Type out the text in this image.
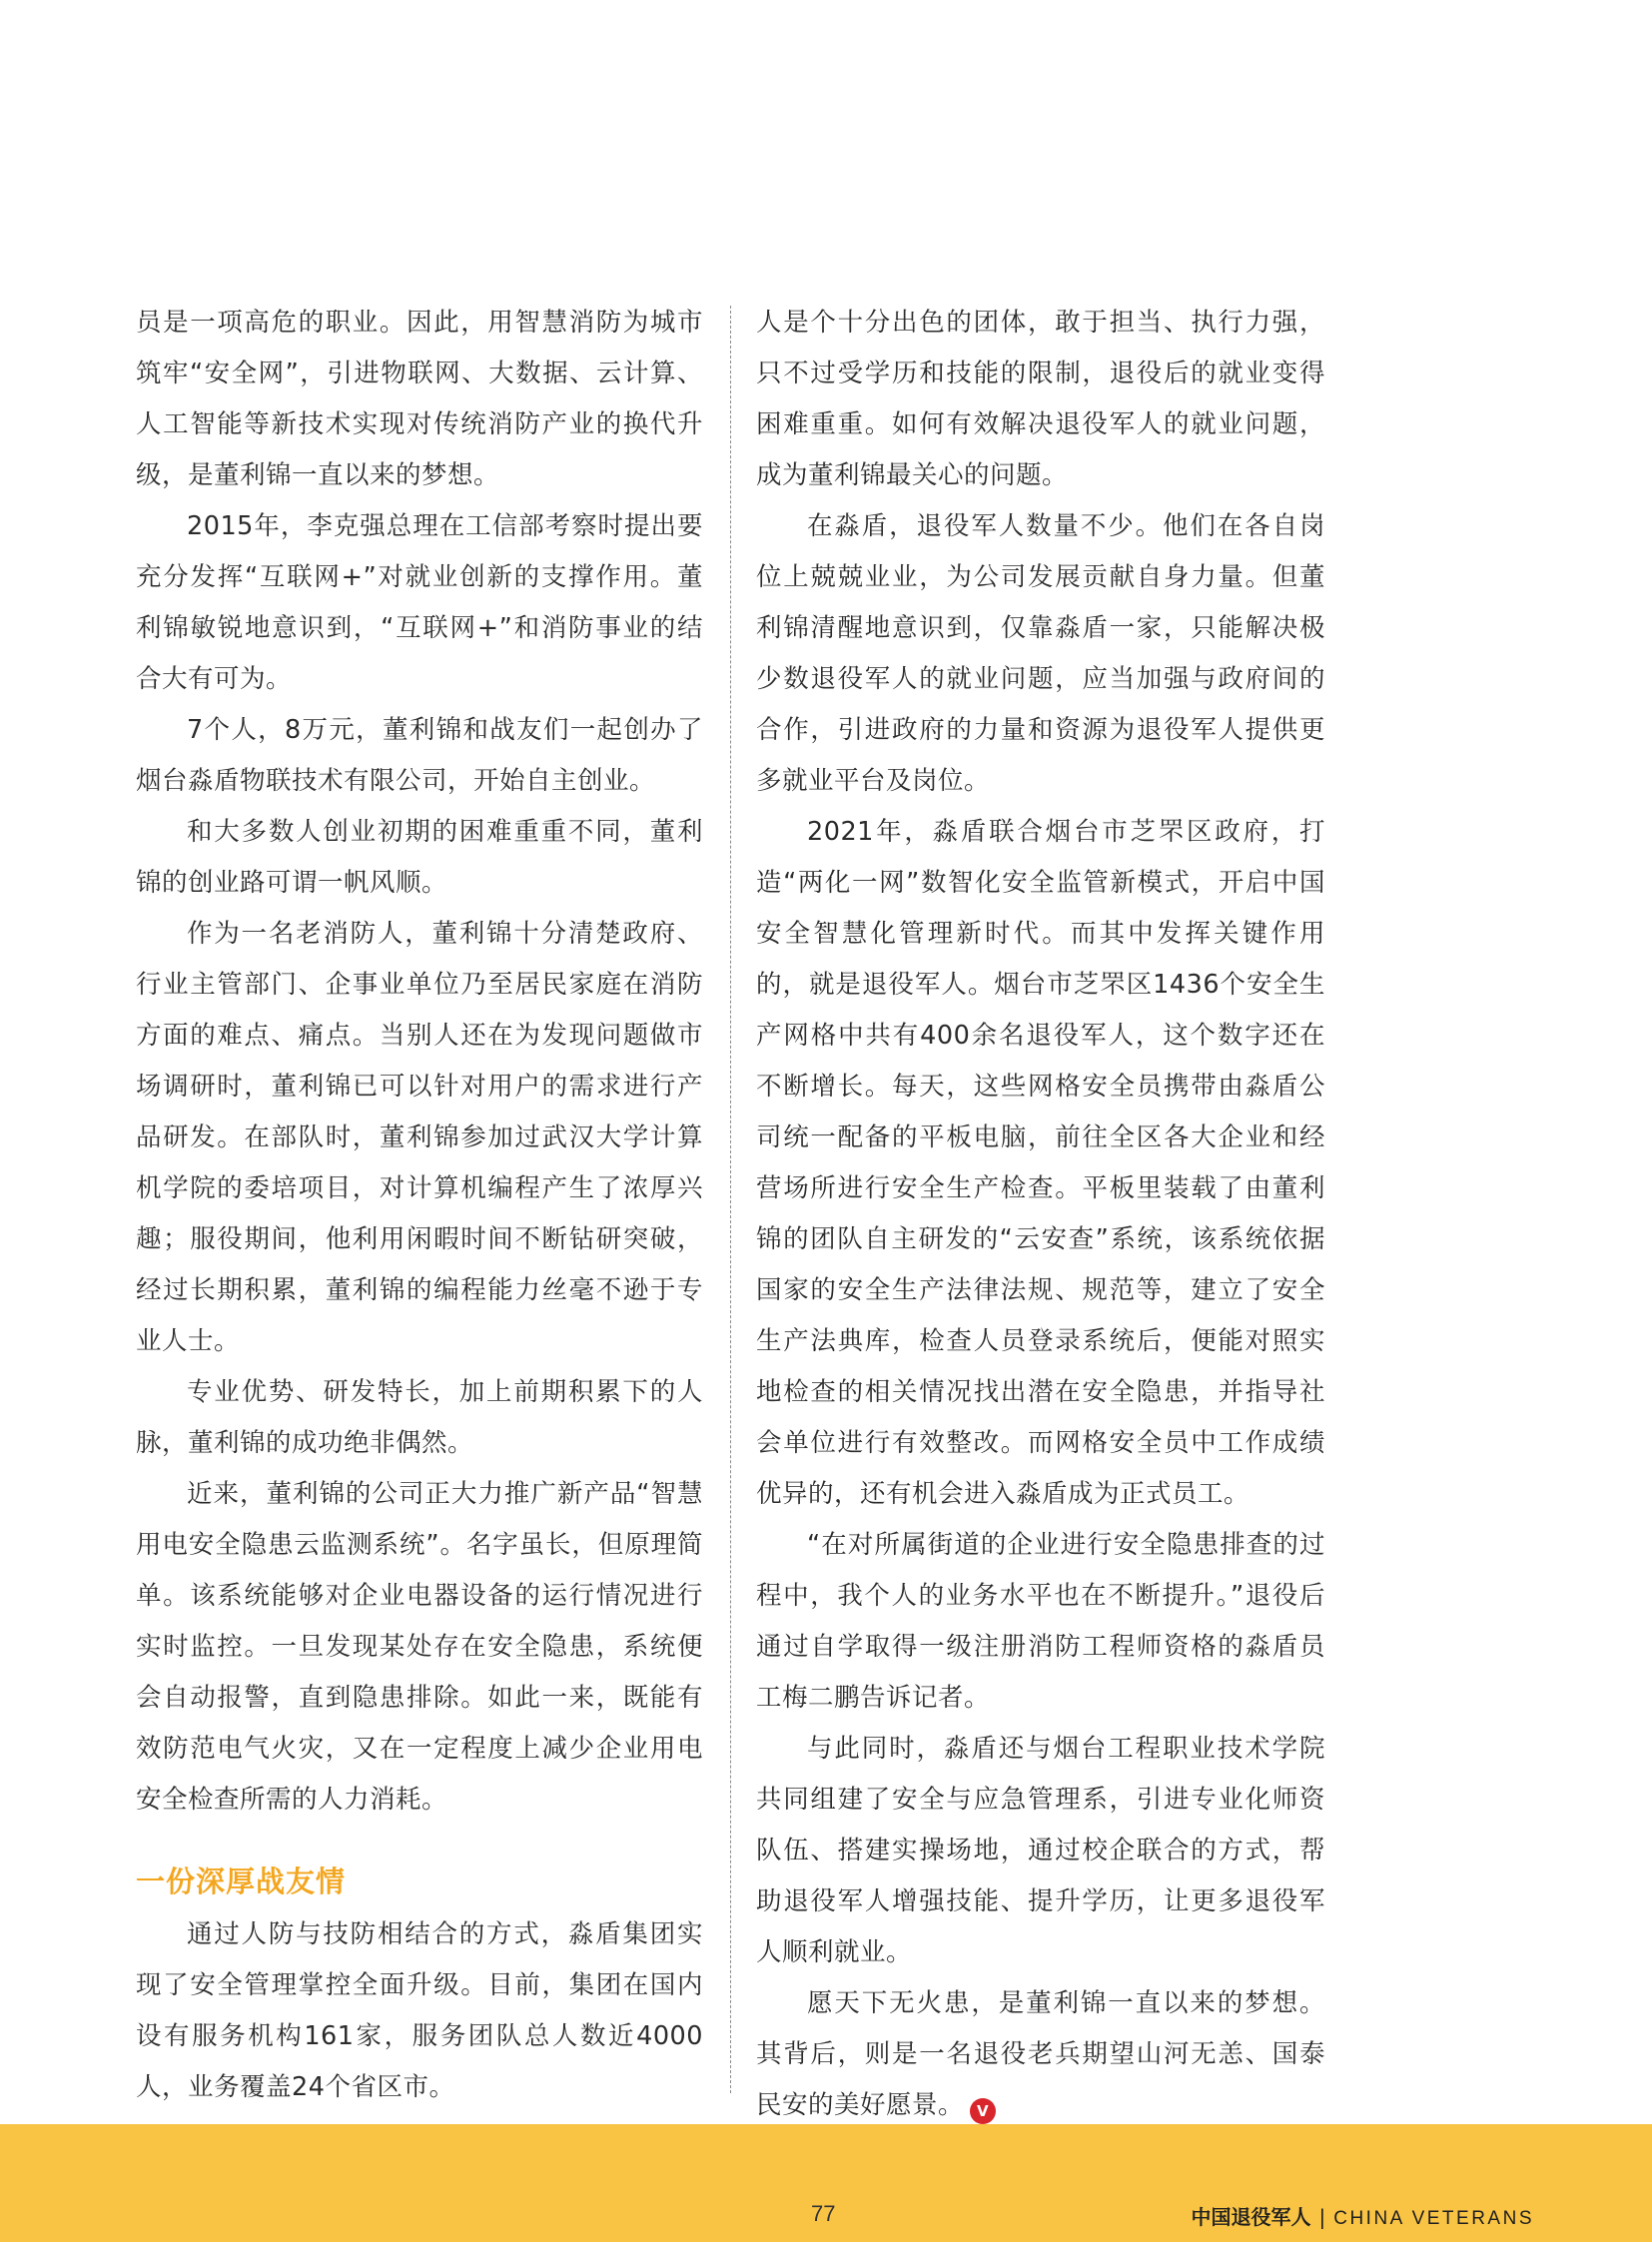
员是一项高危的职业。因此，用智慧消防为城市筑牢“安全网”，引进物联网、大数据、云计算、人工智能等新技术实现对传统消防产业的换代升级，是董利锦一直以来的梦想。

2015年，李克强总理在工信部考察时提出要充分发挥“互联网+”对就业创新的支撑作用。董利锦敏锐地意识到，“互联网+”和消防事业的结合大有可为。

7个人，8万元，董利锦和战友们一起创办了烟台淼盾物联技术有限公司，开始自主创业。

和大多数人创业初期的困难重重不同，董利锦的创业路可谓一帆风顺。

作为一名老消防人，董利锦十分清楚政府、行业主管部门、企事业单位乃至居民家庭在消防方面的难点、痛点。当别人还在为发现问题做市场调研时，董利锦已可以针对用户的需求进行产品研发。在部队时，董利锦参加过武汉大学计算机学院的委培项目，对计算机编程产生了浓厚兴趣；服役期间，他利用闲暇时间不断钻研突破，经过长期积累，董利锦的编程能力丝毫不逊于专业人士。

专业优势、研发特长，加上前期积累下的人脉，董利锦的成功绝非偶然。

近来，董利锦的公司正大力推广新产品“智慧用电安全隐患云监测系统”。名字虽长，但原理简单。该系统能够对企业电器设备的运行情况进行实时监控。一旦发现某处存在安全隐患，系统便会自动报警，直到隐患排除。如此一来，既能有效防范电气火灾，又在一定程度上减少企业用电安全检查所需的人力消耗。

一份深厚战友情

通过人防与技防相结合的方式，淼盾集团实现了安全管理掌控全面升级。目前，集团在国内设有服务机构161家，服务团队总人数近4000人，业务覆盖24个省区市。

人是个十分出色的团体，敢于担当、执行力强，只不过受学历和技能的限制，退役后的就业变得困难重重。如何有效解决退役军人的就业问题，成为董利锦最关心的问题。

在淼盾，退役军人数量不少。他们在各自岗位上兢兢业业，为公司发展贡献自身力量。但董利锦清醒地意识到，仅靠淼盾一家，只能解决极少数退役军人的就业问题，应当加强与政府间的合作，引进政府的力量和资源为退役军人提供更多就业平台及岗位。

2021年，淼盾联合烟台市芝罘区政府，打造“两化一网”数智化安全监管新模式，开启中国安全智慧化管理新时代。而其中发挥关键作用的，就是退役军人。烟台市芝罘区1436个安全生产网格中共有400余名退役军人，这个数字还在不断增长。每天，这些网格安全员携带由淼盾公司统一配备的平板电脑，前往全区各大企业和经营场所进行安全生产检查。平板里装载了由董利锦的团队自主研发的“云安查”系统，该系统依据国家的安全生产法律法规、规范等，建立了安全生产法典库，检查人员登录系统后，便能对照实地检查的相关情况找出潜在安全隐患，并指导社会单位进行有效整改。而网格安全员中工作成绩优异的，还有机会进入淼盾成为正式员工。

“在对所属街道的企业进行安全隐患排查的过程中，我个人的业务水平也在不断提升。”退役后通过自学取得一级注册消防工程师资格的淼盾员工梅二鹏告诉记者。

与此同时，淼盾还与烟台工程职业技术学院共同组建了安全与应急管理系，引进专业化师资队伍、搭建实操场地，通过校企联合的方式，帮助退役军人增强技能、提升学历，让更多退役军人顺利就业。

愿天下无火患，是董利锦一直以来的梦想。其背后，则是一名退役老兵期望山河无恙、国泰民安的美好愿景。 V

77	中国退役军人 | CHINA VETERANS
